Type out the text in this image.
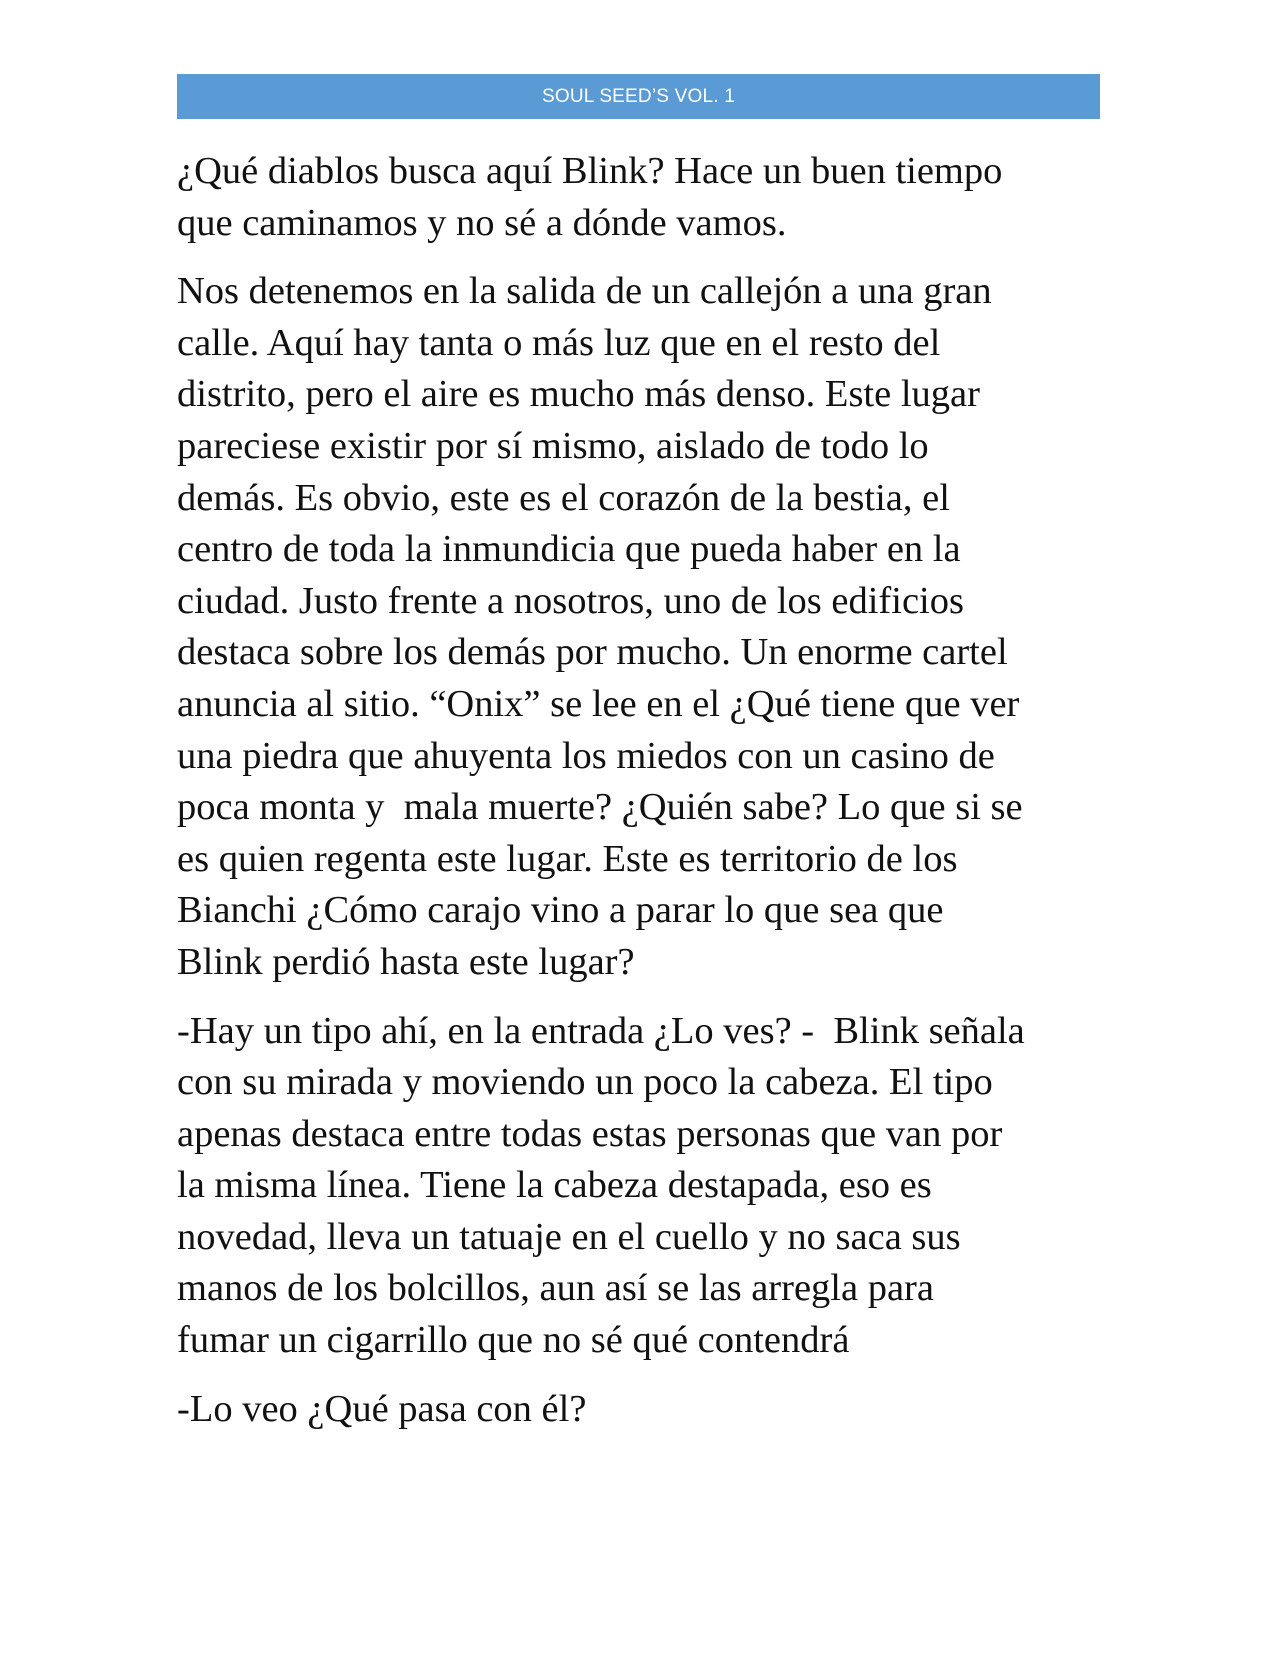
SOUL SEED’S VOL. 1

¿Qué diablos busca aquí Blink? Hace un buen tiempo
que caminamos y no sé a dónde vamos.

Nos detenemos en la salida de un callejón a una gran
calle. Aquí hay tanta o más luz que en el resto del
distrito, pero el aire es mucho más denso. Este lugar
pareciese existir por sí mismo, aislado de todo lo
demás. Es obvio, este es el corazón de la bestia, el
centro de toda la inmundicia que pueda haber en la
ciudad. Justo frente a nosotros, uno de los edificios
destaca sobre los demás por mucho. Un enorme cartel
anuncia al sitio. “Onix” se lee en el ¿Qué tiene que ver
una piedra que ahuyenta los miedos con un casino de
poca monta y  mala muerte? ¿Quién sabe? Lo que si se
es quien regenta este lugar. Este es territorio de los
Bianchi ¿Cómo carajo vino a parar lo que sea que
Blink perdió hasta este lugar?

-Hay un tipo ahí, en la entrada ¿Lo ves? -  Blink señala
con su mirada y moviendo un poco la cabeza. El tipo
apenas destaca entre todas estas personas que van por
la misma línea. Tiene la cabeza destapada, eso es
novedad, lleva un tatuaje en el cuello y no saca sus
manos de los bolcillos, aun así se las arregla para
fumar un cigarrillo que no sé qué contendrá

-Lo veo ¿Qué pasa con él?
